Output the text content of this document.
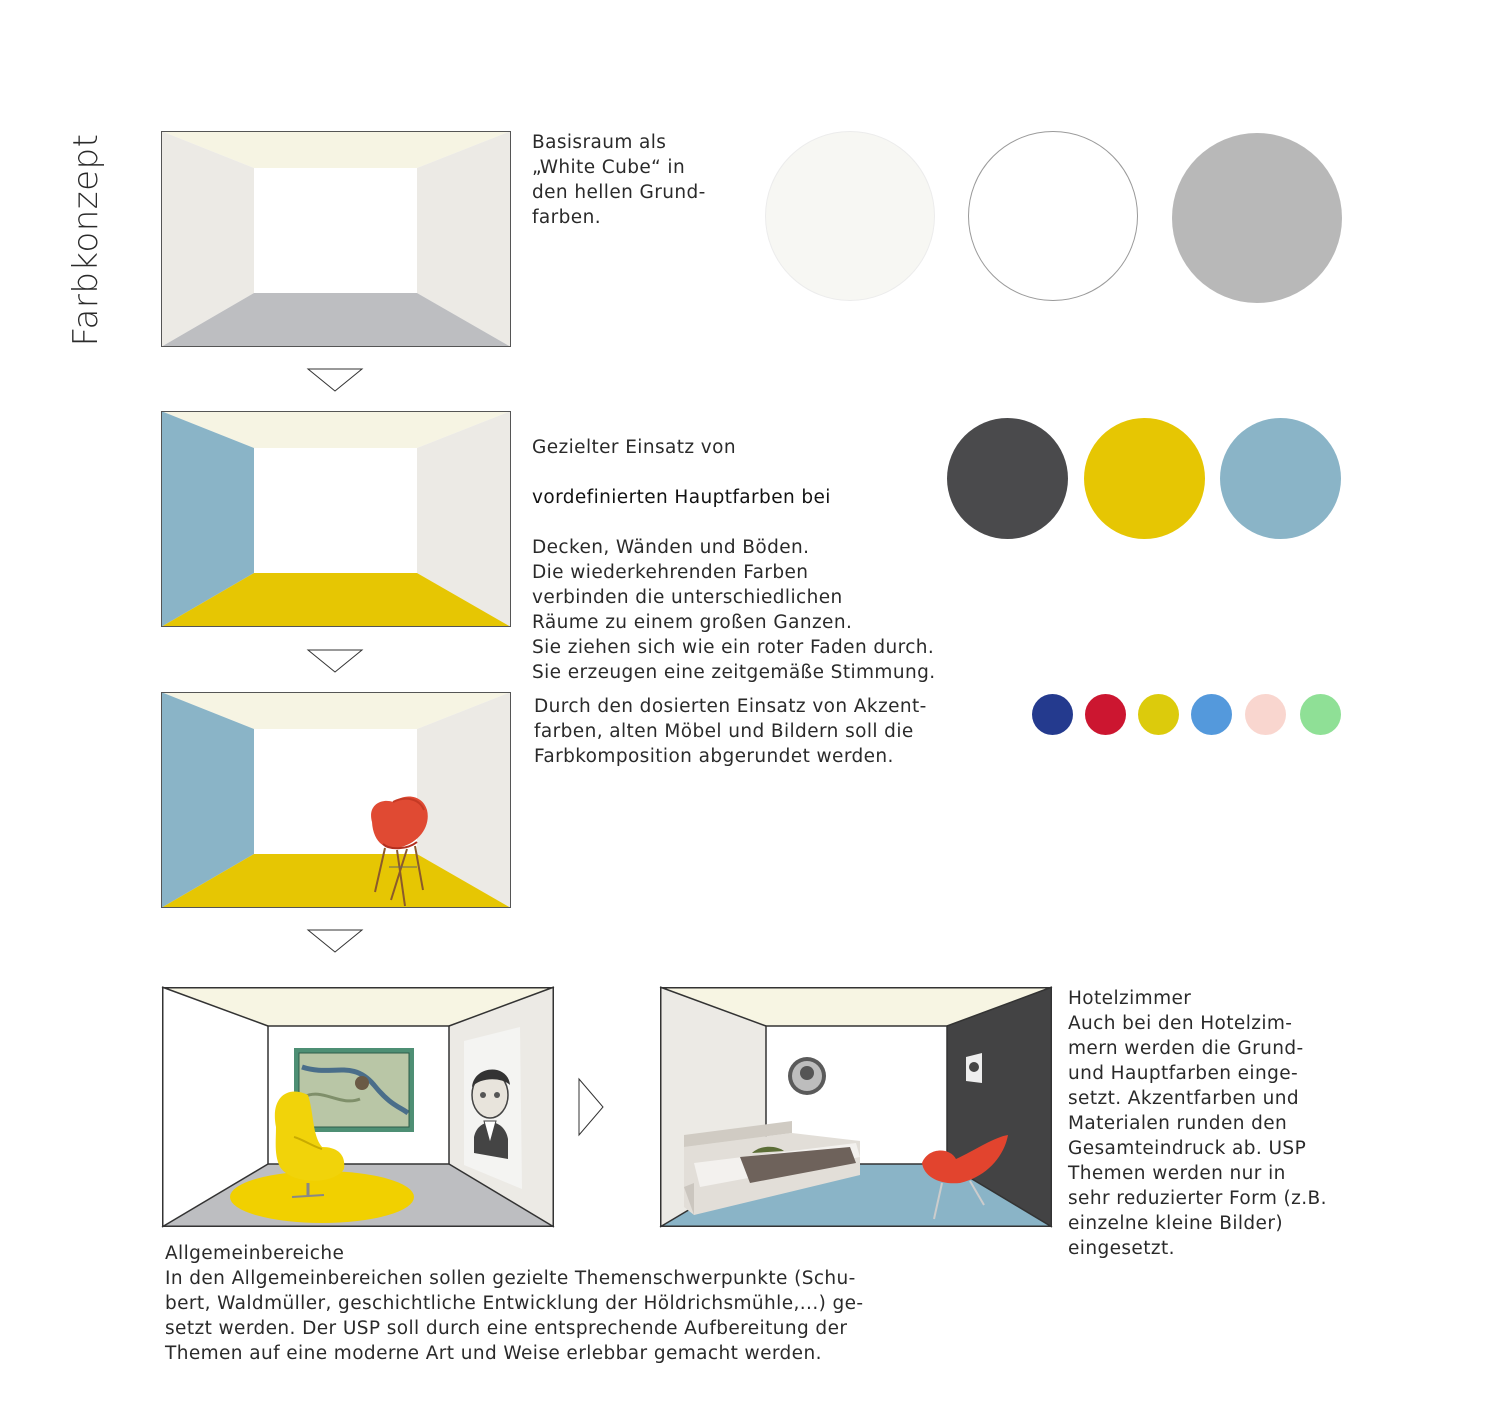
Farbkonzept	Basisraum als
„White Cube“ in
den hellen Grund-
farben.

Gezielter Einsatz von

vordefinierten Hauptfarben bei

Decken, Wänden und Böden.
Die wiederkehrenden Farben
verbinden die unterschiedlichen
Räume zu einem großen Ganzen.
Sie ziehen sich wie ein roter Faden durch.
Sie erzeugen eine zeitgemäße Stimmung.

Durch den dosierten Einsatz von Akzent-
farben, alten Möbel und Bildern soll die
Farbkomposition abgerundet werden.
Hotelzimmer
Auch bei den Hotelzim-
mern werden die Grund-
und Hauptfarben einge-
setzt. Akzentfarben und
Materialen runden den
Gesamteindruck ab. USP
Themen werden nur in
sehr reduzierter Form (z.B.
einzelne kleine Bilder)
eingesetzt.
Allgemeinbereiche
In den Allgemeinbereichen sollen gezielte Themenschwerpunkte (Schu-
bert, Waldmüller, geschichtliche Entwicklung der Höldrichsmühle,...) ge-
setzt werden. Der USP soll durch eine entsprechende Aufbereitung der
Themen auf eine moderne Art und Weise erlebbar gemacht werden.
